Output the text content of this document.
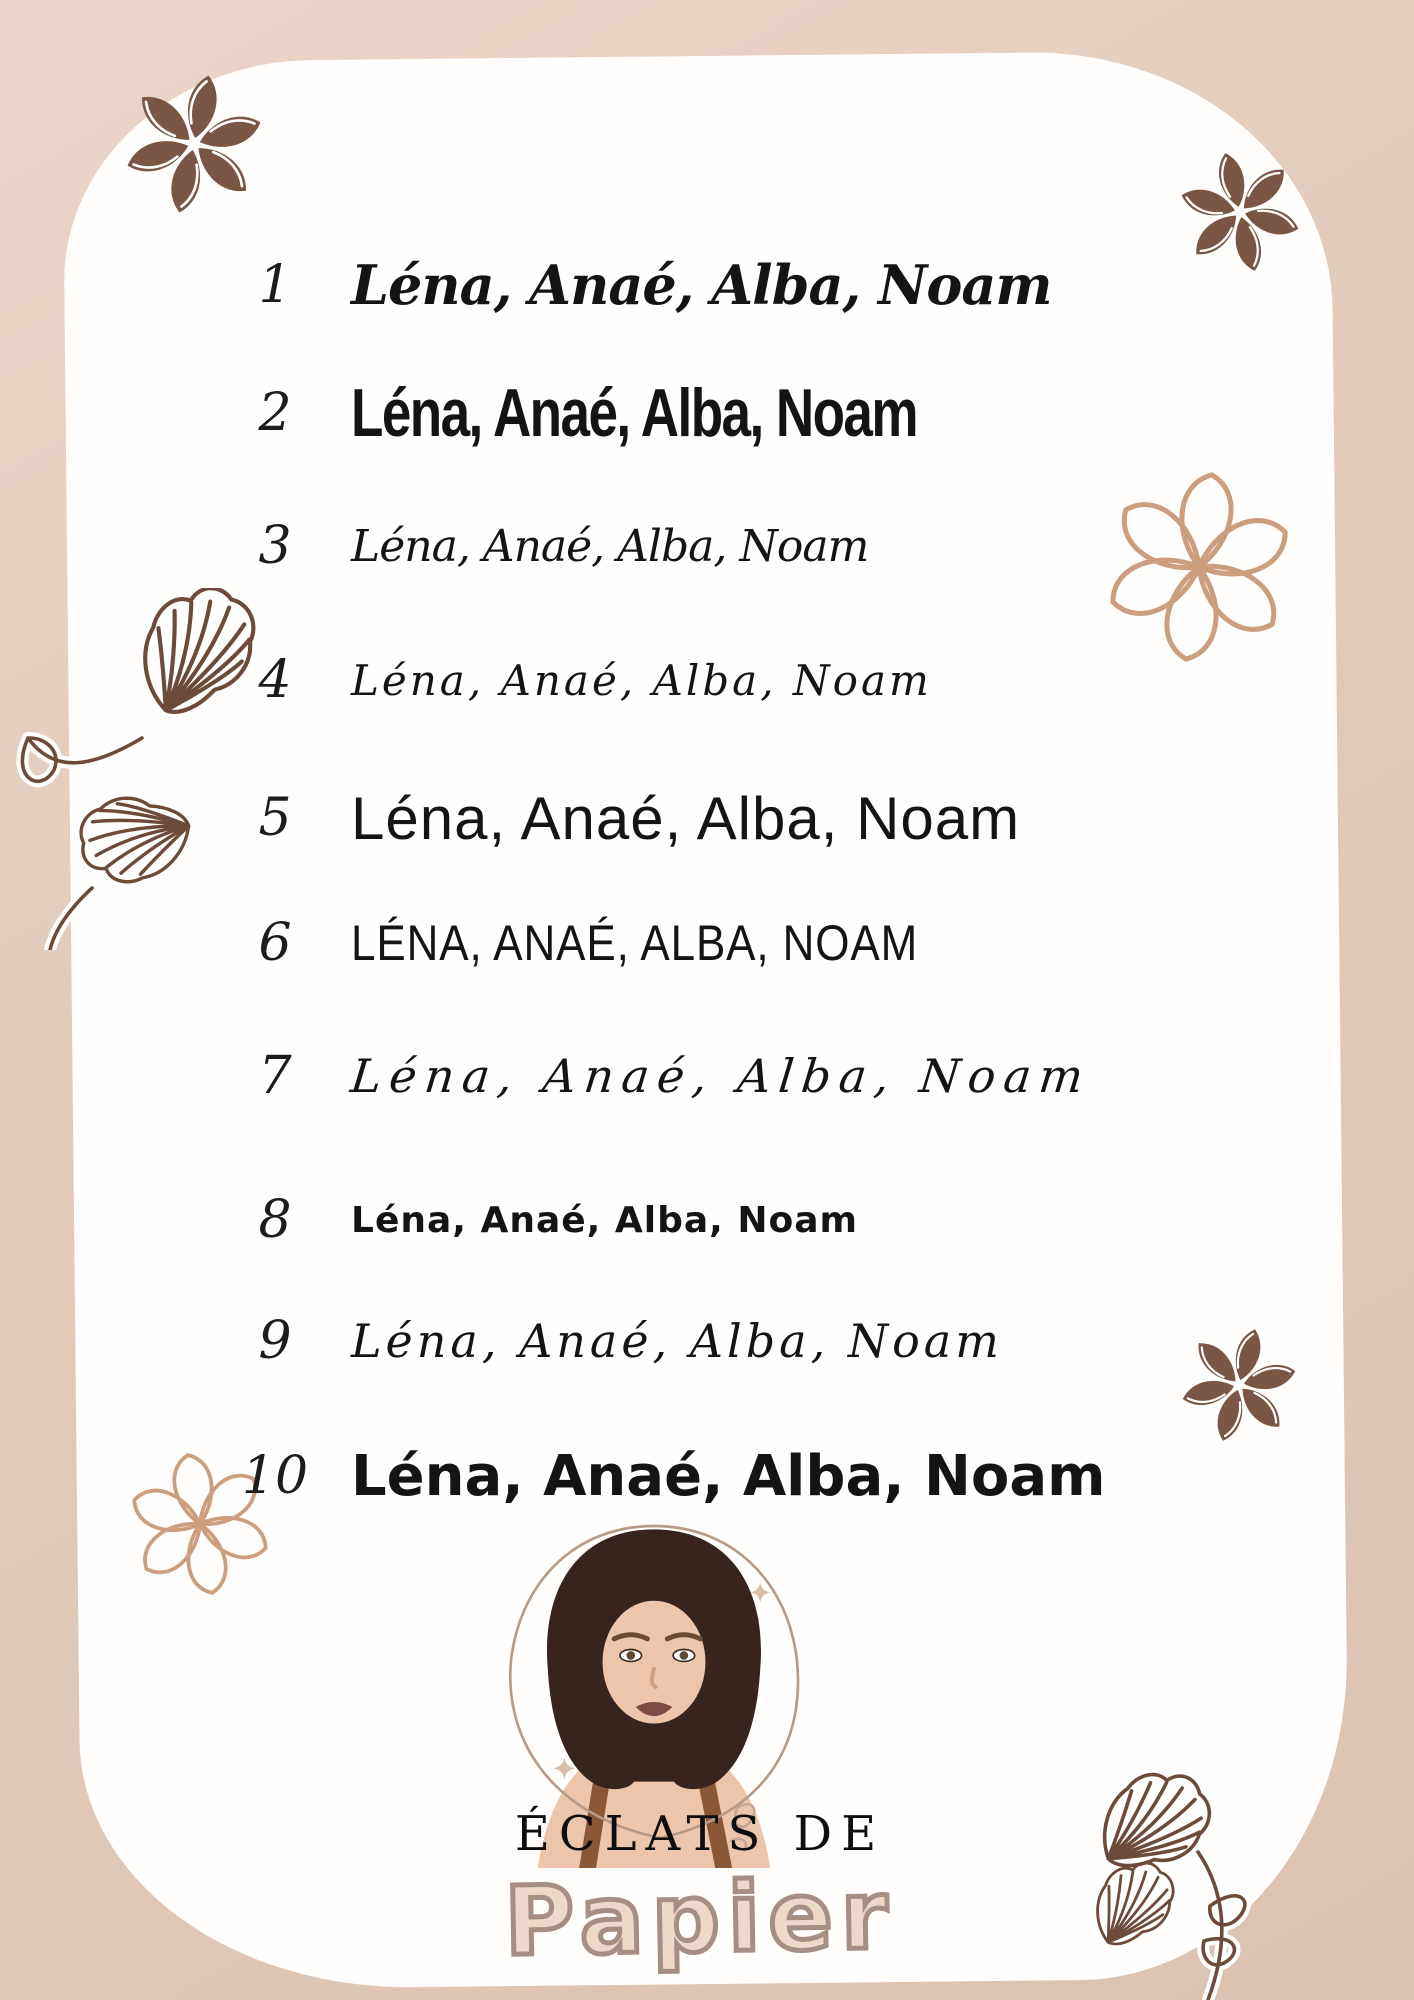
1	Léna, Anaé, Alba, Noam
2 Léna, Anaé, Alba, Noam
3	Léna, Anaé, Alba, Noam
4	Léna, Anaé, Alba, Noam
5 Léna, Anaé, Alba, Noam
6	LÉNA, ANAÉ, ALBA, NOAM
7	Léna, Anaé, Alba, Noam
8	Léna, Anaé, Alba, Noam
9	Léna, Anaé, Alba, Noam
10 Léna, Anaé, Alba, Noam
ÉCLATS DE
Papier
